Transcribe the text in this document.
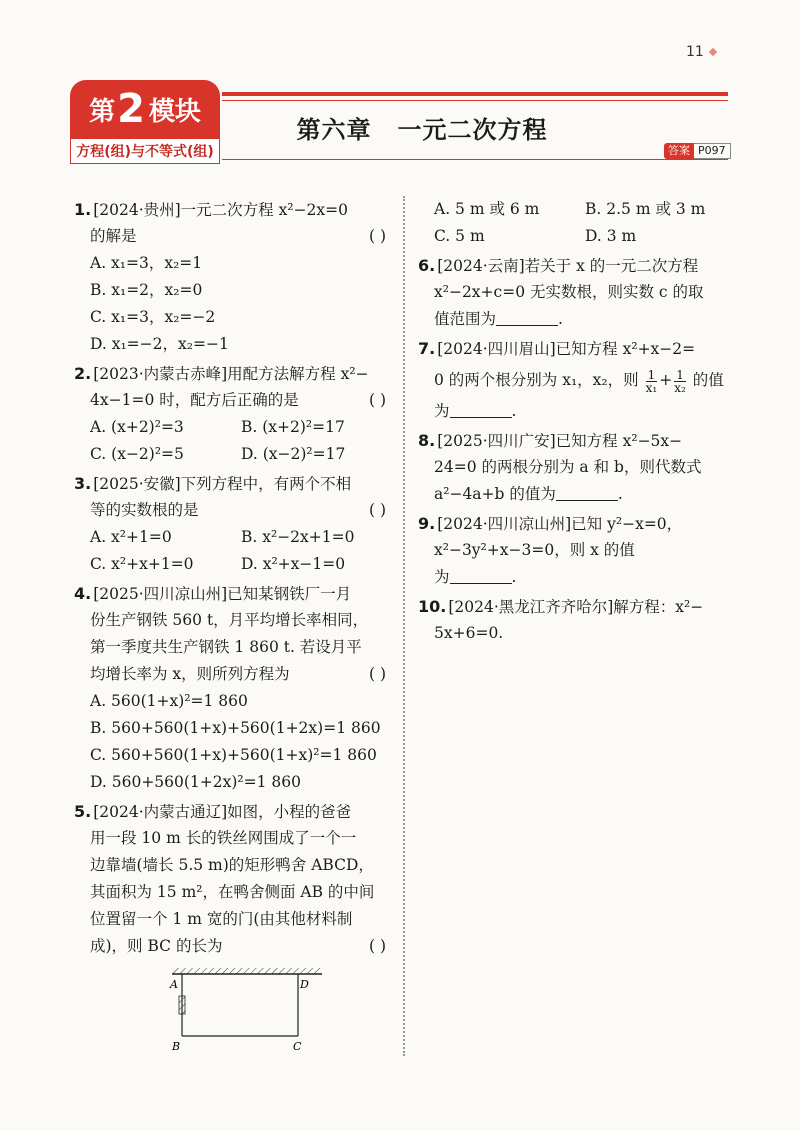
11
第 2 模块
方程(组)与不等式(组)
第六章 一元二次方程
答案 P097
1. [2024·贵州]一元二次方程 x²−2x=0
的解是	( )
A. x₁=3，x₂=1
B. x₁=2，x₂=0
C. x₁=3，x₂=−2
D. x₁=−2，x₂=−1
2. [2023·内蒙古赤峰]用配方法解方程 x²−
4x−1=0 时，配方后正确的是	( )
A. (x+2)²=3	B. (x+2)²=17
C. (x−2)²=5	D. (x−2)²=17
3. [2025·安徽]下列方程中，有两个不相
等的实数根的是	( )
A. x²+1=0	B. x²−2x+1=0
C. x²+x+1=0	D. x²+x−1=0
4. [2025·四川凉山州]已知某钢铁厂一月
份生产钢铁 560 t，月平均增长率相同，
第一季度共生产钢铁 1 860 t. 若设月平
均增长率为 x，则所列方程为	( )
A. 560(1+x)²=1 860
B. 560+560(1+x)+560(1+2x)=1 860
C. 560+560(1+x)+560(1+x)²=1 860
D. 560+560(1+2x)²=1 860
5. [2024·内蒙古通辽]如图，小程的爸爸
用一段 10 m 长的铁丝网围成了一个一
边靠墙(墙长 5.5 m)的矩形鸭舍 ABCD，
其面积为 15 m²，在鸭舍侧面 AB 的中间
位置留一个 1 m 宽的门(由其他材料制
成)，则 BC 的长为	( )
A
B	C
D
A. 5 m 或 6 m	B. 2.5 m 或 3 m
C. 5 m	D. 3 m
6. [2024·云南]若关于 x 的一元二次方程
x²−2x+c=0 无实数根，则实数 c 的取
值范围为	.
7. [2024·四川眉山]已知方程 x²+x−2=
0 的两个根分别为 x₁，x₂，则 $\frac{1}{\text{x₁}} + \frac{1}{\text{x₂}}$ 的值
为	.
8. [2025·四川广安]已知方程 x²−5x−
24=0 的两根分别为 a 和 b，则代数式
a²−4a+b 的值为	.
9. [2024·四川凉山州]已知 y²−x=0，
x²−3y²+x−3=0，则 x 的值
为	.
10. [2024·黑龙江齐齐哈尔]解方程：x²−
5x+6=0.
